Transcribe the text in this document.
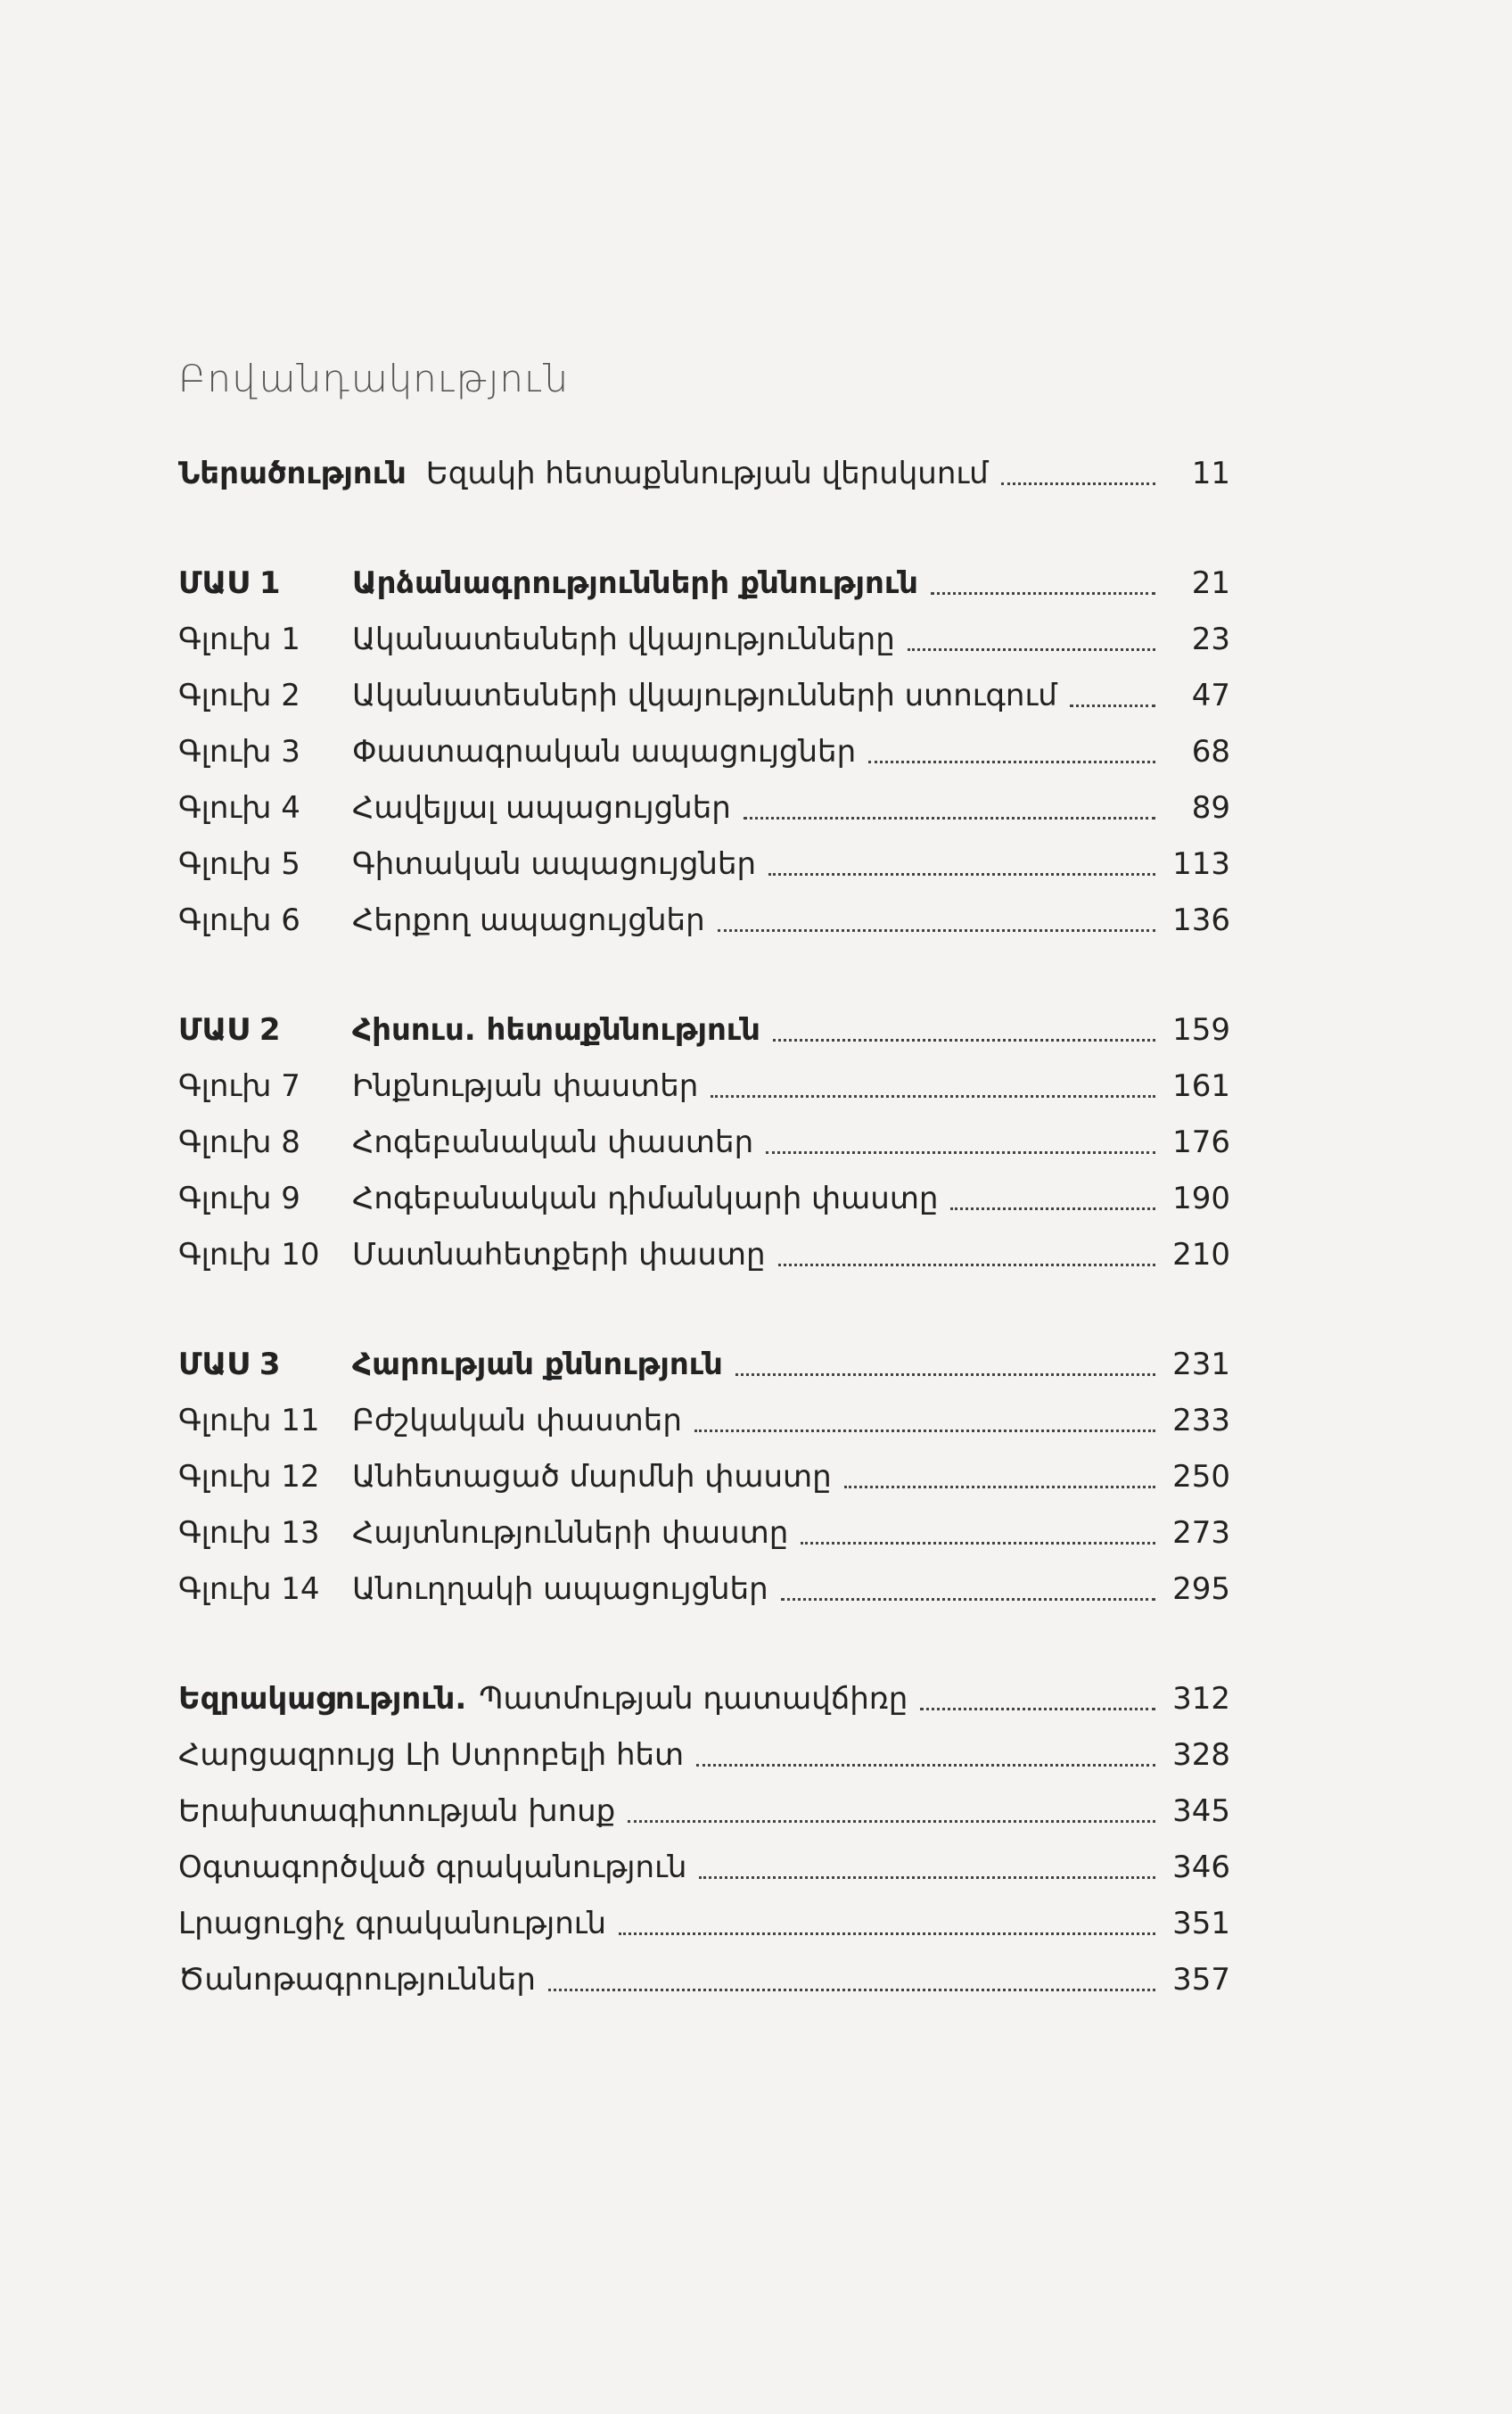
Բովանդակություն
Ներածություն Եզակի հետաքննության վերսկսում	11
ՄԱՍ 1	Արձանագրությունների քննություն	21
Գլուխ 1	Ականատեսների վկայությունները	23
Գլուխ 2	Ականատեսների վկայությունների ստուգում	47
Գլուխ 3	Փաստագրական ապացույցներ	68
Գլուխ 4	Հավելյալ ապացույցներ	89
Գլուխ 5	Գիտական ապացույցներ	113
Գլուխ 6	Հերքող ապացույցներ	136
ՄԱՍ 2	Հիսուս. հետաքննություն	159
Գլուխ 7	Ինքնության փաստեր	161
Գլուխ 8	Հոգեբանական փաստեր	176
Գլուխ 9	Հոգեբանական դիմանկարի փաստը	190
Գլուխ 10	Մատնահետքերի փաստը	210
ՄԱՍ 3	Հարության քննություն	231
Գլուխ 11	Բժշկական փաստեր	233
Գլուխ 12	Անհետացած մարմնի փաստը	250
Գլուխ 13	Հայտնությունների փաստը	273
Գլուխ 14	Անուղղակի ապացույցներ	295
Եզրակացություն. Պատմության դատավճիռը	312
Հարցազրույց Լի Ստրոբելի հետ	328
Երախտագիտության խոսք	345
Օգտագործված գրականություն	346
Լրացուցիչ գրականություն	351
Ծանոթագրություններ	357
